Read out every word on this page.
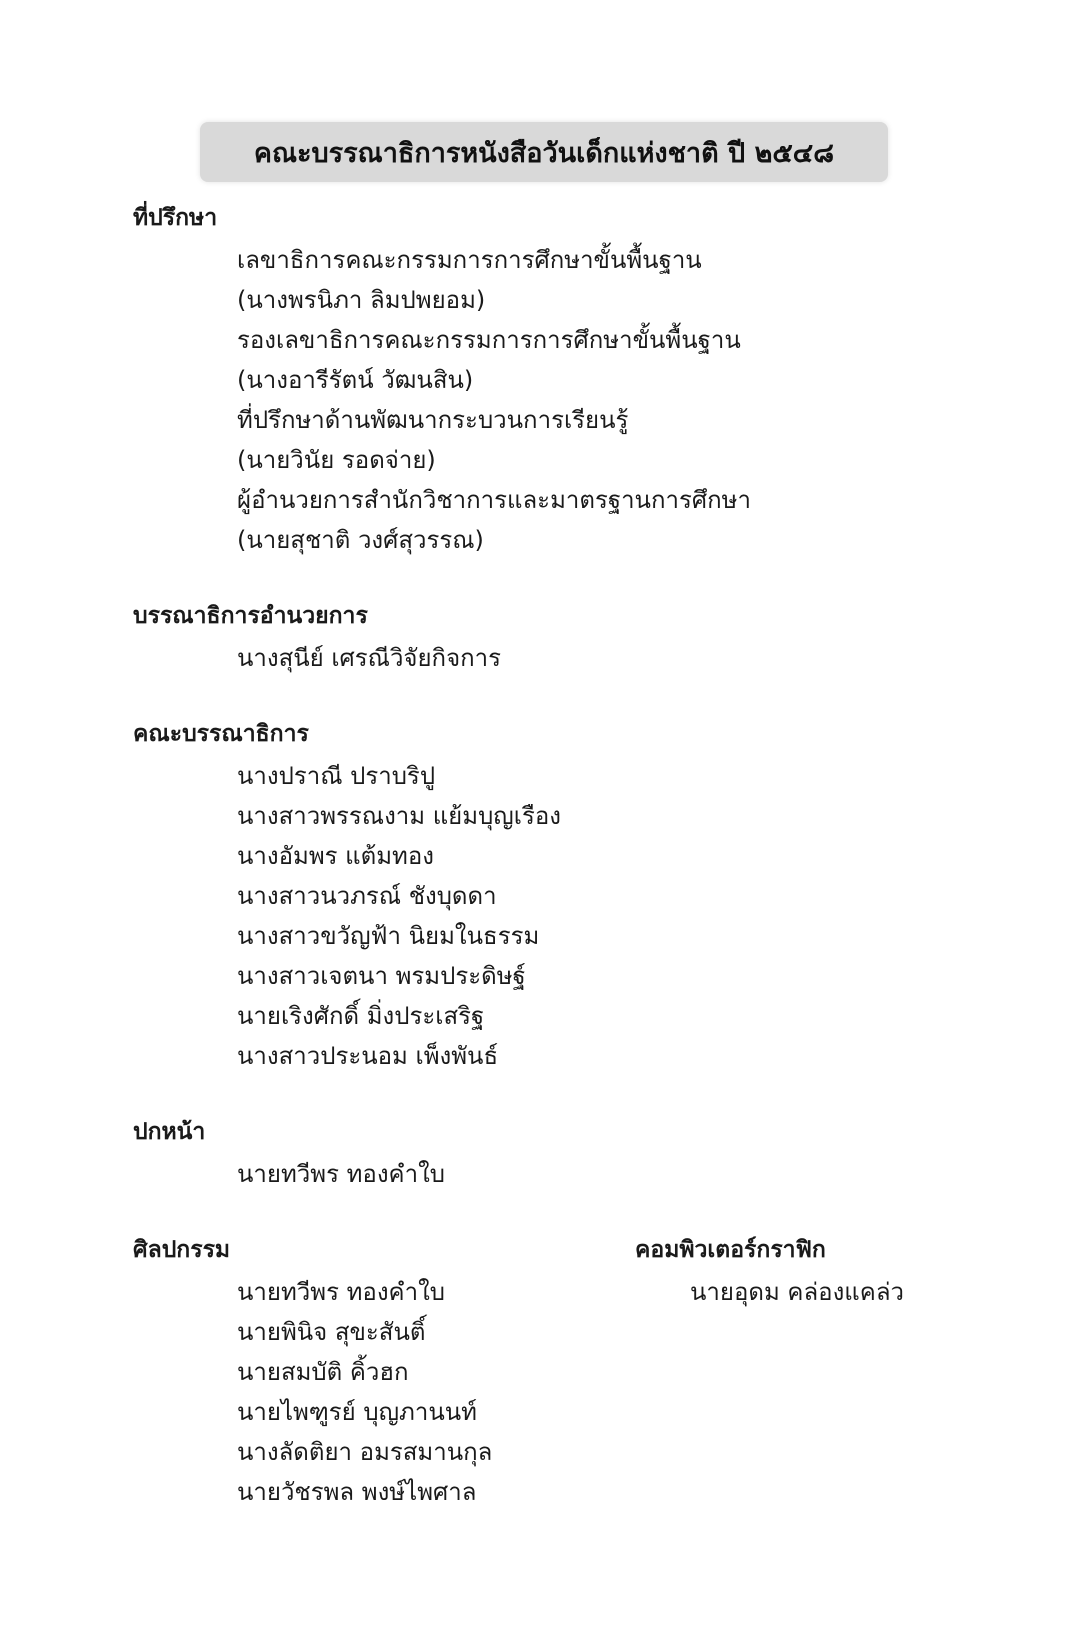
คณะบรรณาธิการหนังสือวันเด็กแห่งชาติ ปี ๒๕๔๘
ที่ปรึกษา
เลขาธิการคณะกรรมการการศึกษาขั้นพื้นฐาน
(นางพรนิภา ลิมปพยอม)
รองเลขาธิการคณะกรรมการการศึกษาขั้นพื้นฐาน
(นางอารีรัตน์ วัฒนสิน)
ที่ปรึกษาด้านพัฒนากระบวนการเรียนรู้
(นายวินัย รอดจ่าย)
ผู้อำนวยการสำนักวิชาการและมาตรฐานการศึกษา
(นายสุชาติ วงศ์สุวรรณ)
บรรณาธิการอำนวยการ
นางสุนีย์ เศรณีวิจัยกิจการ
คณะบรรณาธิการ
นางปราณี ปราบริปู
นางสาวพรรณงาม แย้มบุญเรือง
นางอัมพร แต้มทอง
นางสาวนวภรณ์ ชังบุดดา
นางสาวขวัญฟ้า นิยมในธรรม
นางสาวเจตนา พรมประดิษฐ์
นายเริงศักดิ์ มิ่งประเสริฐ
นางสาวประนอม เพ็งพันธ์
ปกหน้า
นายทวีพร ทองคำใบ
ศิลปกรรม
นายทวีพร ทองคำใบ
นายพินิจ สุขะสันติ์
นายสมบัติ คิ้วฮก
นายไพฑูรย์ บุญภานนท์
นางลัดติยา อมรสมานกุล
นายวัชรพล พงษ์ไพศาล
คอมพิวเตอร์กราฟิก
นายอุดม คล่องแคล่ว
